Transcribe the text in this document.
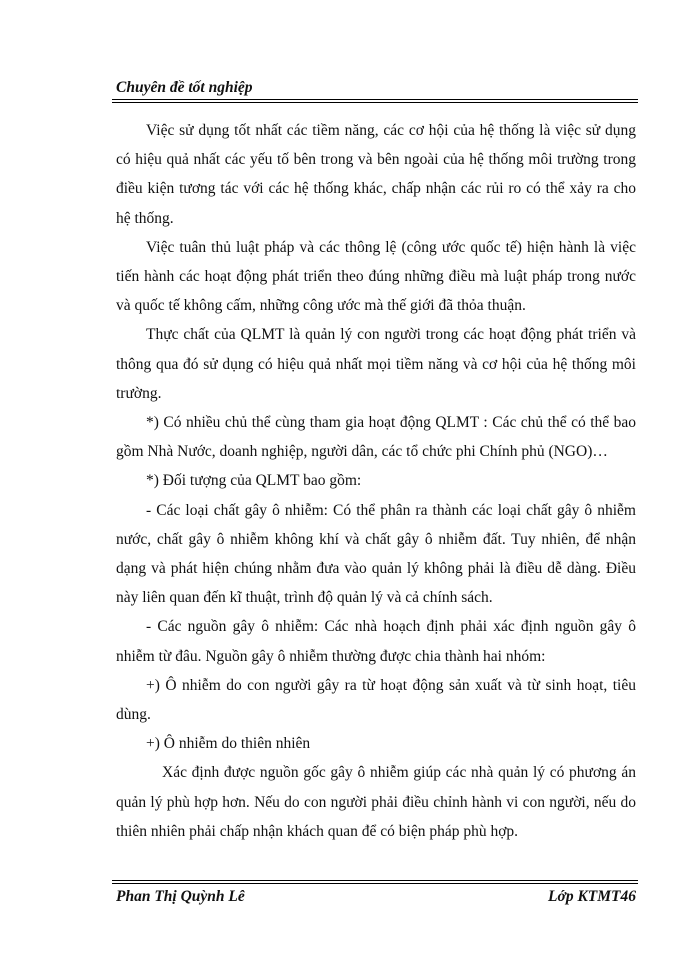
Chuyên đề tốt nghiệp

Việc sử dụng tốt nhất các tiềm năng, các cơ hội của hệ thống là việc sử dụng có hiệu quả nhất các yếu tố bên trong và bên ngoài của hệ thống môi trường trong điều kiện tương tác với các hệ thống khác, chấp nhận các rủi ro có thể xảy ra cho hệ thống.

Việc tuân thủ luật pháp và các thông lệ (công ước quốc tế) hiện hành là việc tiến hành các hoạt động phát triển theo đúng những điều mà luật pháp trong nước và quốc tế không cấm, những công ước mà thế giới đã thỏa thuận.

Thực chất của QLMT là quản lý con người trong các hoạt động phát triển và thông qua đó sử dụng có hiệu quả nhất mọi tiềm năng và cơ hội của hệ thống môi trường.

*) Có nhiều chủ thể cùng tham gia hoạt động QLMT : Các chủ thể có thể bao gồm Nhà Nước, doanh nghiệp, người dân, các tổ chức phi Chính phủ (NGO)…

*) Đối tượng của QLMT bao gồm:

- Các loại chất gây ô nhiễm: Có thể phân ra thành các loại chất gây ô nhiễm nước, chất gây ô nhiễm không khí và chất gây ô nhiễm đất. Tuy nhiên, để nhận dạng và phát hiện chúng nhằm đưa vào quản lý không phải là điều dễ dàng. Điều này liên quan đến kĩ thuật, trình độ quản lý và cả chính sách.

- Các nguồn gây ô nhiễm: Các nhà hoạch định phải xác định nguồn gây ô nhiễm từ đâu. Nguồn gây ô nhiễm thường được chia thành hai nhóm:

+) Ô nhiễm do con người gây ra từ hoạt động sản xuất và từ sinh hoạt, tiêu dùng.

+) Ô nhiễm do thiên nhiên

Xác định được nguồn gốc gây ô nhiễm giúp các nhà quản lý có phương án quản lý phù hợp hơn. Nếu do con người phải điều chỉnh hành vi con người, nếu do thiên nhiên phải chấp nhận khách quan để có biện pháp phù hợp.

Phan Thị Quỳnh Lê	Lớp KTMT46
